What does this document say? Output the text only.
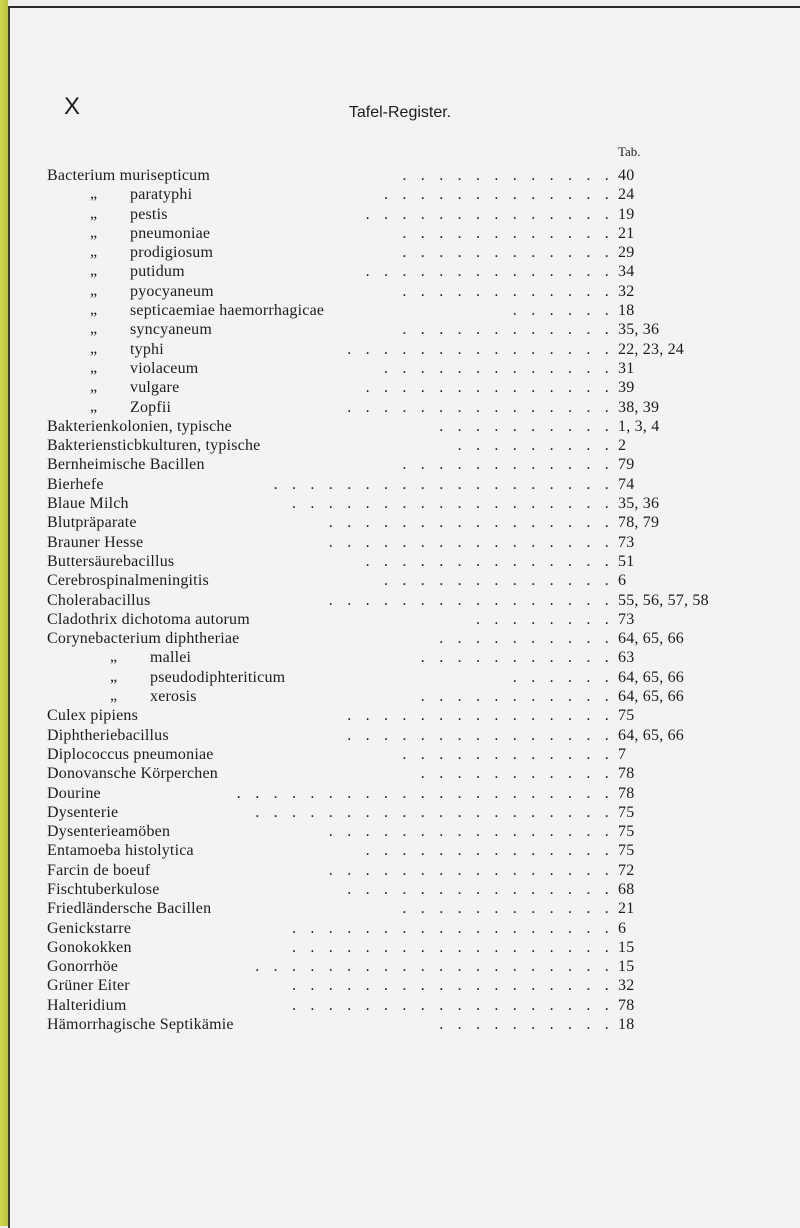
X	Tafel-Register.
Tab.
Bacterium murisepticum	. . . . . . . . . . . . 40
„ paratyphi	. . . . . . . . . . . . . 24
„ pestis	. . . . . . . . . . . . . . 19
„ pneumoniae	. . . . . . . . . . . . 21
„ prodigiosum	. . . . . . . . . . . . 29
„ putidum	. . . . . . . . . . . . . . 34
„ pyocyaneum	. . . . . . . . . . . . 32
„ septicaemiae haemorrhagicae	. . . . . . 18
„ syncyaneum	. . . . . . . . . . . . 35, 36
„ typhi	. . . . . . . . . . . . . . . 22, 23, 24
„ violaceum	. . . . . . . . . . . . . 31
„ vulgare	. . . . . . . . . . . . . . 39
„ Zopfii	. . . . . . . . . . . . . . . 38, 39
Bakterienkolonien, typische	. . . . . . . . . . 1, 3, 4
Bakteriensticbkulturen, typische	. . . . . . . . . 2
Bernheimische Bacillen	. . . . . . . . . . . . 79
Bierhefe	. . . . . . . . . . . . . . . . . . . 74
Blaue Milch	. . . . . . . . . . . . . . . . . . 35, 36
Blutpräparate	. . . . . . . . . . . . . . . . 78, 79
Brauner Hesse	. . . . . . . . . . . . . . . . 73
Buttersäurebacillus	. . . . . . . . . . . . . . 51
Cerebrospinalmeningitis	. . . . . . . . . . . . . 6
Cholerabacillus	. . . . . . . . . . . . . . . . 55, 56, 57, 58
Cladothrix dichotoma autorum	. . . . . . . . 73
Corynebacterium diphtheriae	. . . . . . . . . . 64, 65, 66
„ mallei	. . . . . . . . . . . 63
„ pseudodiphteriticum	. . . . . . 64, 65, 66
„ xerosis	. . . . . . . . . . . 64, 65, 66
Culex pipiens	. . . . . . . . . . . . . . . 75
Diphtheriebacillus	. . . . . . . . . . . . . . . 64, 65, 66
Diplococcus pneumoniae	. . . . . . . . . . . . 7
Donovansche Körperchen	. . . . . . . . . . . 78
Dourine	. . . . . . . . . . . . . . . . . . . . . 78
Dysenterie	. . . . . . . . . . . . . . . . . . . . 75
Dysenterieamöben	. . . . . . . . . . . . . . . . 75
Entamoeba histolytica	. . . . . . . . . . . . . . 75
Farcin de boeuf	. . . . . . . . . . . . . . . . 72
Fischtuberkulose	. . . . . . . . . . . . . . . 68
Friedländersche Bacillen	. . . . . . . . . . . . 21
Genickstarre	. . . . . . . . . . . . . . . . . . 6
Gonokokken	. . . . . . . . . . . . . . . . . . 15
Gonorrhöe	. . . . . . . . . . . . . . . . . . . . 15
Grüner Eiter	. . . . . . . . . . . . . . . . . . 32
Halteridium	. . . . . . . . . . . . . . . . . . 78
Hämorrhagische Septikämie	. . . . . . . . . . 18
